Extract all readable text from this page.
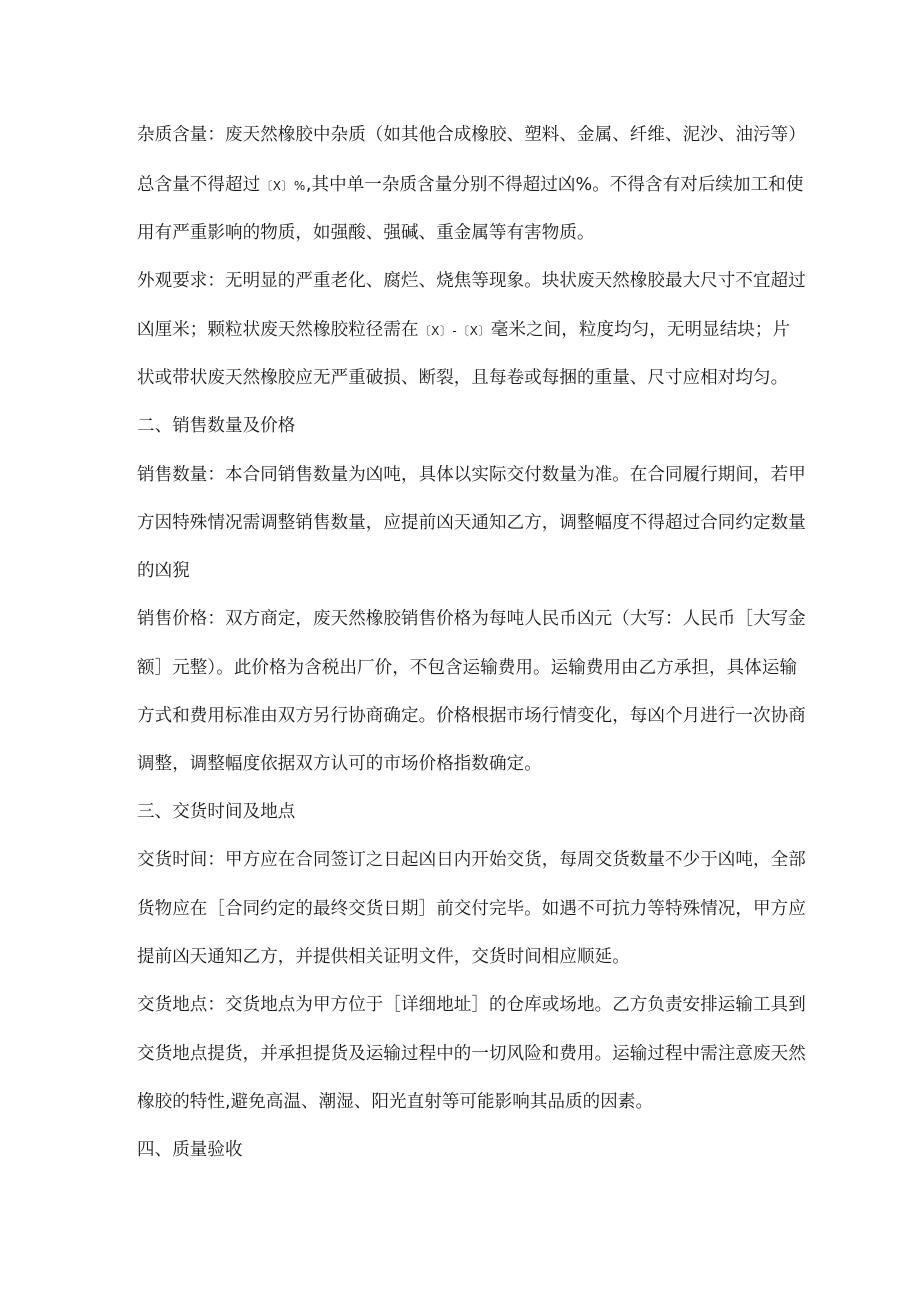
杂质含量：废天然橡胶中杂质（如其他合成橡胶、塑料、金属、纤维、泥沙、油污等）
总含量不得超过〔X〕%,其中单一杂质含量分别不得超过凶%。不得含有对后续加工和使
用有严重影响的物质，如强酸、强碱、重金属等有害物质。
外观要求：无明显的严重老化、腐烂、烧焦等现象。块状废天然橡胶最大尺寸不宜超过
凶厘米；颗粒状废天然橡胶粒径需在〔X〕-〔X〕毫米之间，粒度均匀，无明显结块；片
状或带状废天然橡胶应无严重破损、断裂，且每卷或每捆的重量、尺寸应相对均匀。
二、销售数量及价格
销售数量：本合同销售数量为凶吨，具体以实际交付数量为准。在合同履行期间，若甲
方因特殊情况需调整销售数量，应提前凶天通知乙方，调整幅度不得超过合同约定数量
的凶猊
销售价格：双方商定，废天然橡胶销售价格为每吨人民币凶元（大写：人民币［大写金
额］元整）。此价格为含税出厂价，不包含运输费用。运输费用由乙方承担，具体运输
方式和费用标准由双方另行协商确定。价格根据市场行情变化，每凶个月进行一次协商
调整，调整幅度依据双方认可的市场价格指数确定。
三、交货时间及地点
交货时间：甲方应在合同签订之日起凶日内开始交货，每周交货数量不少于凶吨，全部
货物应在［合同约定的最终交货日期］前交付完毕。如遇不可抗力等特殊情况，甲方应
提前凶天通知乙方，并提供相关证明文件，交货时间相应顺延。
交货地点：交货地点为甲方位于［详细地址］的仓库或场地。乙方负责安排运输工具到
交货地点提货，并承担提货及运输过程中的一切风险和费用。运输过程中需注意废天然
橡胶的特性,避免高温、潮湿、阳光直射等可能影响其品质的因素。
四、质量验收
